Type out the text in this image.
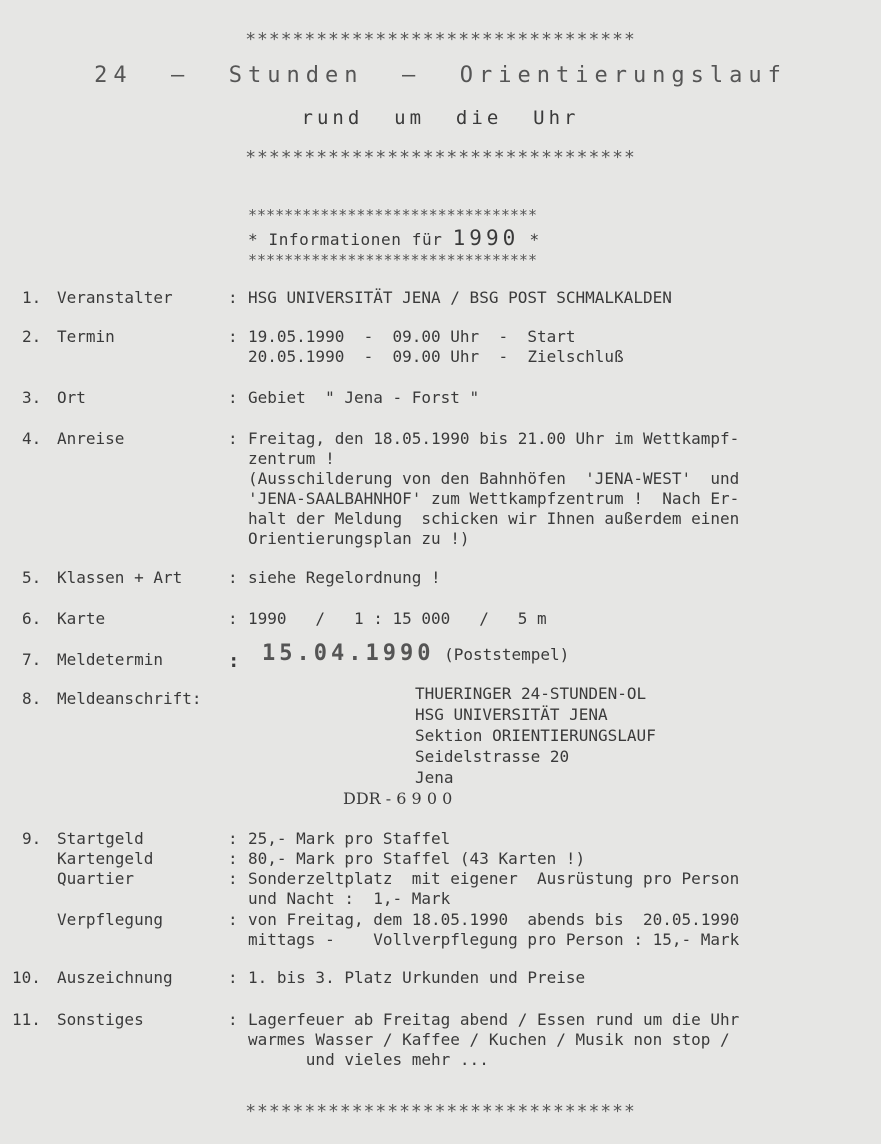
*********************************
24  –  Stunden  –  Orientierungslauf
rund  um  die  Uhr
*********************************
********************************
* Informationen für 1990 *
********************************
1. Veranstalter	: HSG UNIVERSITÄT JENA / BSG POST SCHMALKALDEN
2. Termin	: 19.05.1990  -  09.00 Uhr  -  Start
20.05.1990  -  09.00 Uhr  -  Zielschluß
3. Ort	: Gebiet  " Jena - Forst "
4. Anreise	: Freitag, den 18.05.1990 bis 21.00 Uhr im Wettkampf-
zentrum !
(Ausschilderung von den Bahnhöfen  'JENA-WEST'  und
'JENA-SAALBAHNHOF' zum Wettkampfzentrum !  Nach Er-
halt der Meldung  schicken wir Ihnen außerdem einen
Orientierungsplan zu !)
5. Klassen + Art	: siehe Regelordnung !
6. Karte	: 1990   /   1 : 15 000   /   5 m
7. Meldetermin	: 15.04.1990 (Poststempel)
8. Meldeanschrift:	THUERINGER 24-STUNDEN-OL
HSG UNIVERSITÄT JENA
Sektion ORIENTIERUNGSLAUF
Seidelstrasse 20
Jena
DDR - 6 9 0 0
9. Startgeld	: 25,- Mark pro Staffel
Kartengeld	: 80,- Mark pro Staffel (43 Karten !)
Quartier	: Sonderzeltplatz  mit eigener  Ausrüstung pro Person
und Nacht :  1,- Mark
Verpflegung	: von Freitag, dem 18.05.1990  abends bis  20.05.1990
mittags -    Vollverpflegung pro Person : 15,- Mark
10. Auszeichnung	: 1. bis 3. Platz Urkunden und Preise
11. Sonstiges	: Lagerfeuer ab Freitag abend / Essen rund um die Uhr
warmes Wasser / Kaffee / Kuchen / Musik non stop /
und vieles mehr ...
*********************************
